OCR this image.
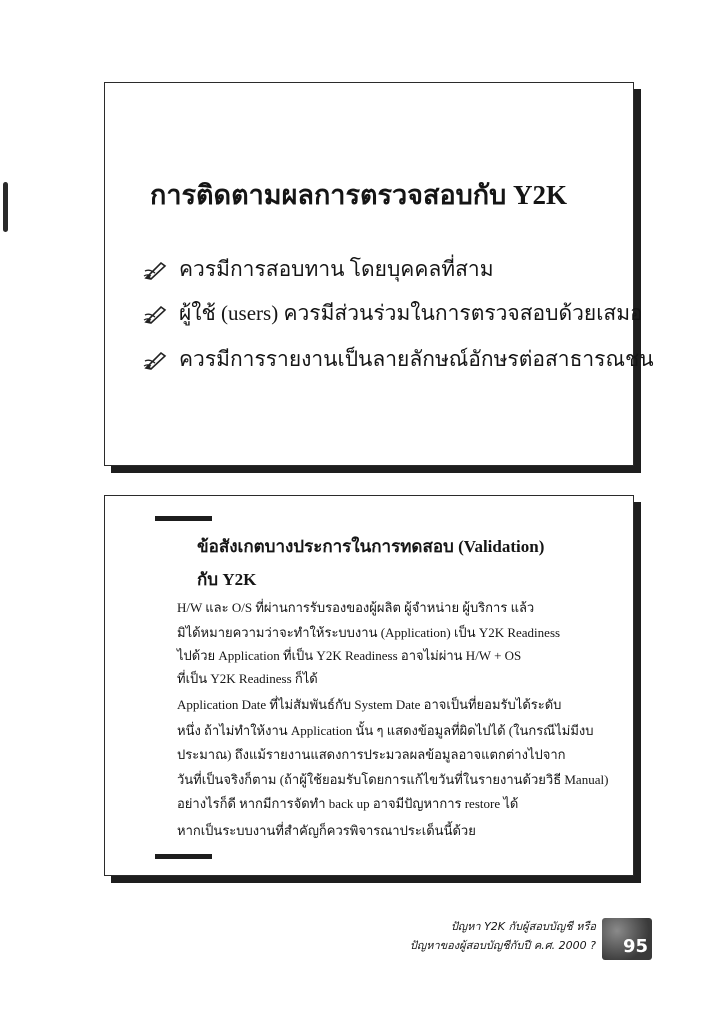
การติดตามผลการตรวจสอบกับ Y2K
ควรมีการสอบทาน โดยบุคคลที่สาม
ผู้ใช้ (users) ควรมีส่วนร่วมในการตรวจสอบด้วยเสมอ
ควรมีการรายงานเป็นลายลักษณ์อักษรต่อสาธารณชน
ข้อสังเกตบางประการในการทดสอบ (Validation)
กับ Y2K

H/W และ O/S ที่ผ่านการรับรองของผู้ผลิต ผู้จำหน่าย ผู้บริการ แล้ว

มิได้หมายความว่าจะทำให้ระบบงาน (Application) เป็น Y2K Readiness

ไปด้วย Application ที่เป็น Y2K Readiness อาจไม่ผ่าน H/W + OS

ที่เป็น Y2K Readiness ก็ได้

Application Date ที่ไม่สัมพันธ์กับ System Date อาจเป็นที่ยอมรับได้ระดับ

หนึ่ง ถ้าไม่ทำให้งาน Application นั้น ๆ แสดงข้อมูลที่ผิดไปได้ (ในกรณีไม่มีงบ

ประมาณ) ถึงแม้รายงานแสดงการประมวลผลข้อมูลอาจแตกต่างไปจาก

วันที่เป็นจริงก็ตาม (ถ้าผู้ใช้ยอมรับโดยการแก้ไขวันที่ในรายงานด้วยวิธี Manual)

อย่างไรก็ดี หากมีการจัดทำ back up อาจมีปัญหาการ restore ได้

หากเป็นระบบงานที่สำคัญก็ควรพิจารณาประเด็นนี้ด้วย

ปัญหา Y2K กับผู้สอบบัญชี หรือ
ปัญหาของผู้สอบบัญชีกับปี ค.ศ. 2000 ? 95
